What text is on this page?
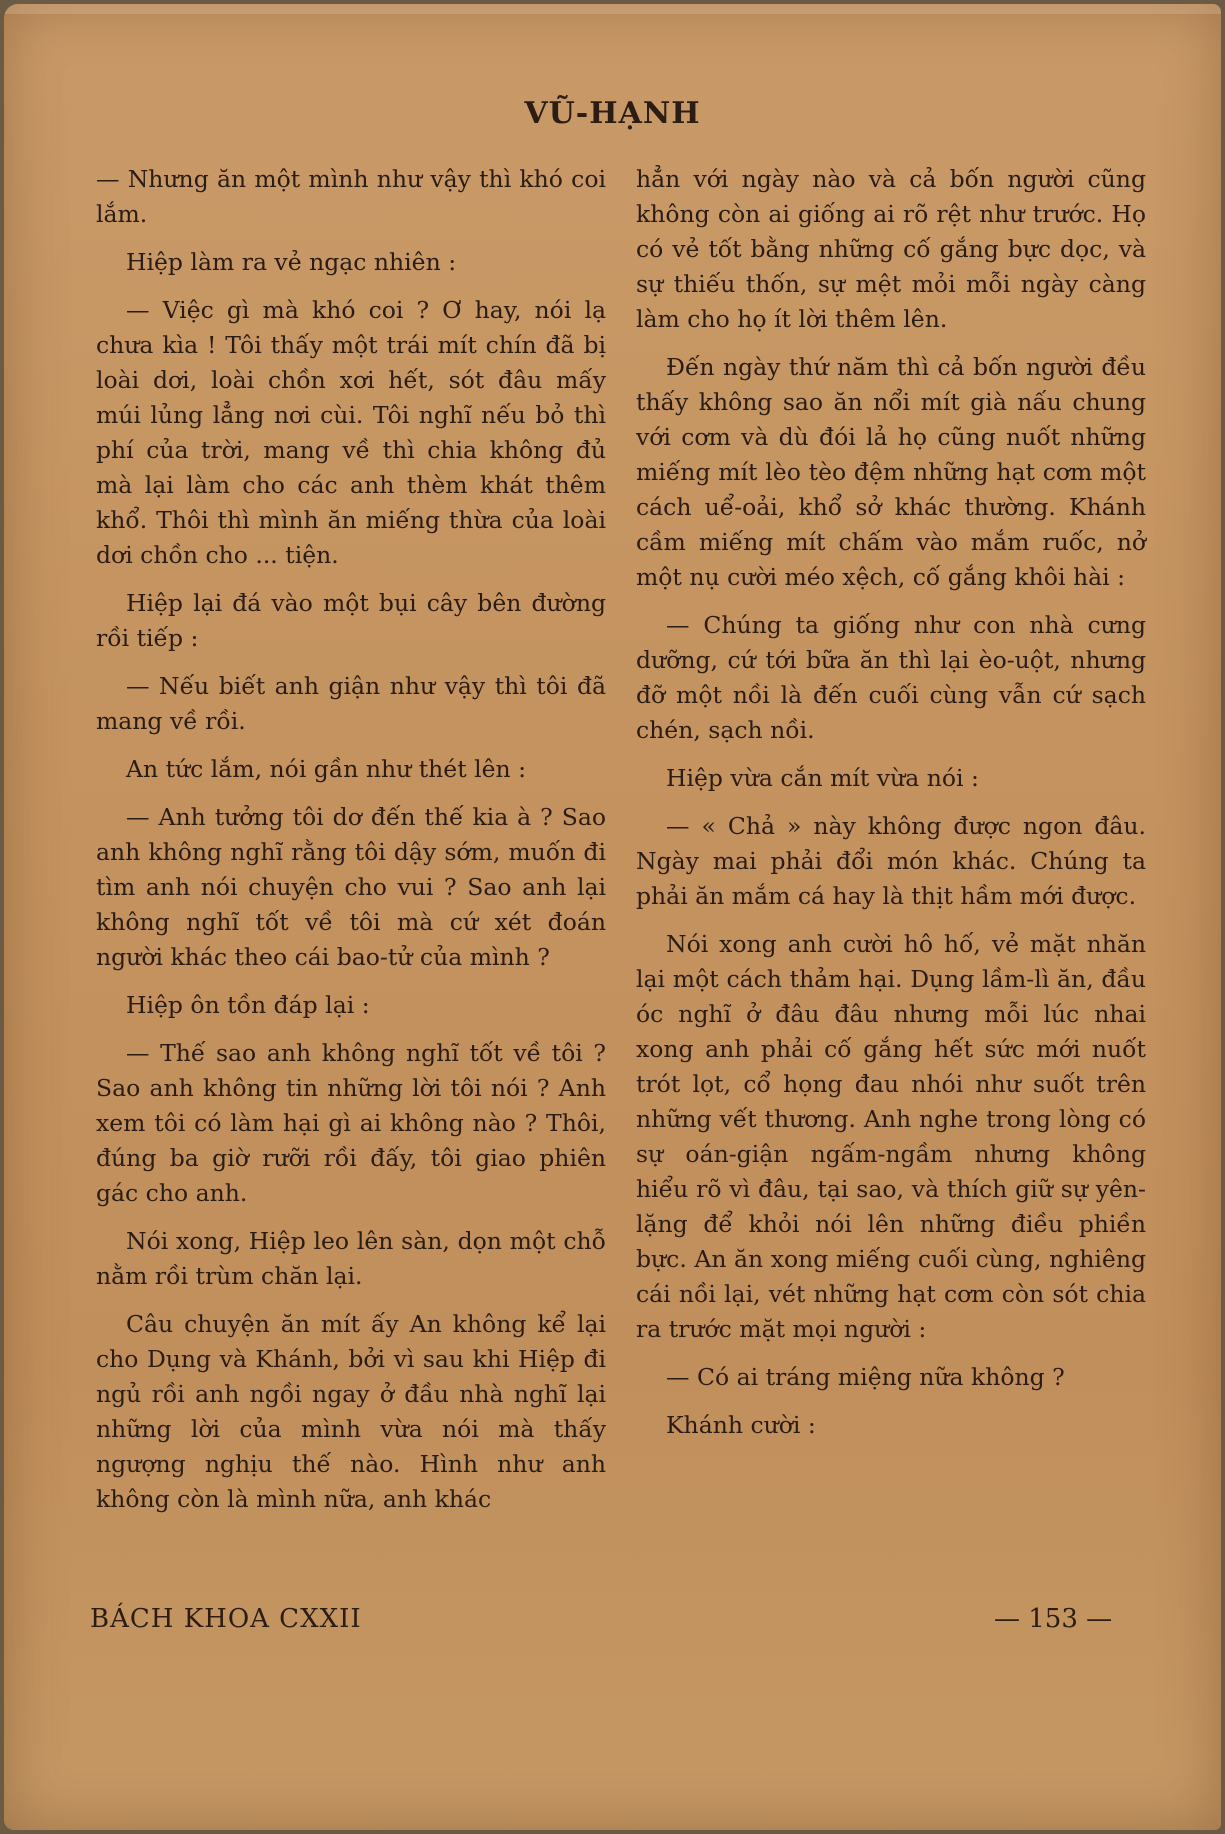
VŨ-HẠNH

— Nhưng ăn một mình như vậy thì khó coi lắm.

Hiệp làm ra vẻ ngạc nhiên :

— Việc gì mà khó coi ? Ơ hay, nói lạ chưa kìa ! Tôi thấy một trái mít chín đã bị loài dơi, loài chồn xơi hết, sót đâu mấy múi lủng lẳng nơi cùi. Tôi nghĩ nếu bỏ thì phí của trời, mang về thì chia không đủ mà lại làm cho các anh thèm khát thêm khổ. Thôi thì mình ăn miếng thừa của loài dơi chồn cho ... tiện.

Hiệp lại đá vào một bụi cây bên đường rồi tiếp :

— Nếu biết anh giận như vậy thì tôi đã mang về rồi.

An tức lắm, nói gần như thét lên :

— Anh tưởng tôi dơ đến thế kia à ? Sao anh không nghĩ rằng tôi dậy sớm, muốn đi tìm anh nói chuyện cho vui ? Sao anh lại không nghĩ tốt về tôi mà cứ xét đoán người khác theo cái bao-tử của mình ?

Hiệp ôn tồn đáp lại :

— Thế sao anh không nghĩ tốt về tôi ? Sao anh không tin những lời tôi nói ? Anh xem tôi có làm hại gì ai không nào ? Thôi, đúng ba giờ rưỡi rồi đấy, tôi giao phiên gác cho anh.

Nói xong, Hiệp leo lên sàn, dọn một chỗ nằm rồi trùm chăn lại.

Câu chuyện ăn mít ấy An không kể lại cho Dụng và Khánh, bởi vì sau khi Hiệp đi ngủ rồi anh ngồi ngay ở đầu nhà nghĩ lại những lời của mình vừa nói mà thấy ngượng nghịu thế nào. Hình như anh không còn là mình nữa, anh khác

hẳn với ngày nào và cả bốn người cũng không còn ai giống ai rõ rệt như trước. Họ có vẻ tốt bằng những cố gắng bực dọc, và sự thiếu thốn, sự mệt mỏi mỗi ngày càng làm cho họ ít lời thêm lên.

Đến ngày thứ năm thì cả bốn người đều thấy không sao ăn nổi mít già nấu chung với cơm và dù đói lả họ cũng nuốt những miếng mít lèo tèo đệm những hạt cơm một cách uể-oải, khổ sở khác thường. Khánh cầm miếng mít chấm vào mắm ruốc, nở một nụ cười méo xệch, cố gắng khôi hài :

— Chúng ta giống như con nhà cưng dưỡng, cứ tới bữa ăn thì lại èo-uột, nhưng đỡ một nồi là đến cuối cùng vẫn cứ sạch chén, sạch nồi.

Hiệp vừa cắn mít vừa nói :

— « Chả » này không được ngon đâu. Ngày mai phải đổi món khác. Chúng ta phải ăn mắm cá hay là thịt hầm mới được.

Nói xong anh cười hô hố, vẻ mặt nhăn lại một cách thảm hại. Dụng lầm-lì ăn, đầu óc nghĩ ở đâu đâu nhưng mỗi lúc nhai xong anh phải cố gắng hết sức mới nuốt trót lọt, cổ họng đau nhói như suốt trên những vết thương. Anh nghe trong lòng có sự oán-giận ngấm-ngầm nhưng không hiểu rõ vì đâu, tại sao, và thích giữ sự yên-lặng để khỏi nói lên những điều phiền bực. An ăn xong miếng cuối cùng, nghiêng cái nồi lại, vét những hạt cơm còn sót chia ra trước mặt mọi người :

— Có ai tráng miệng nữa không ?

Khánh cười :

BÁCH KHOA CXXII	— 153 —
